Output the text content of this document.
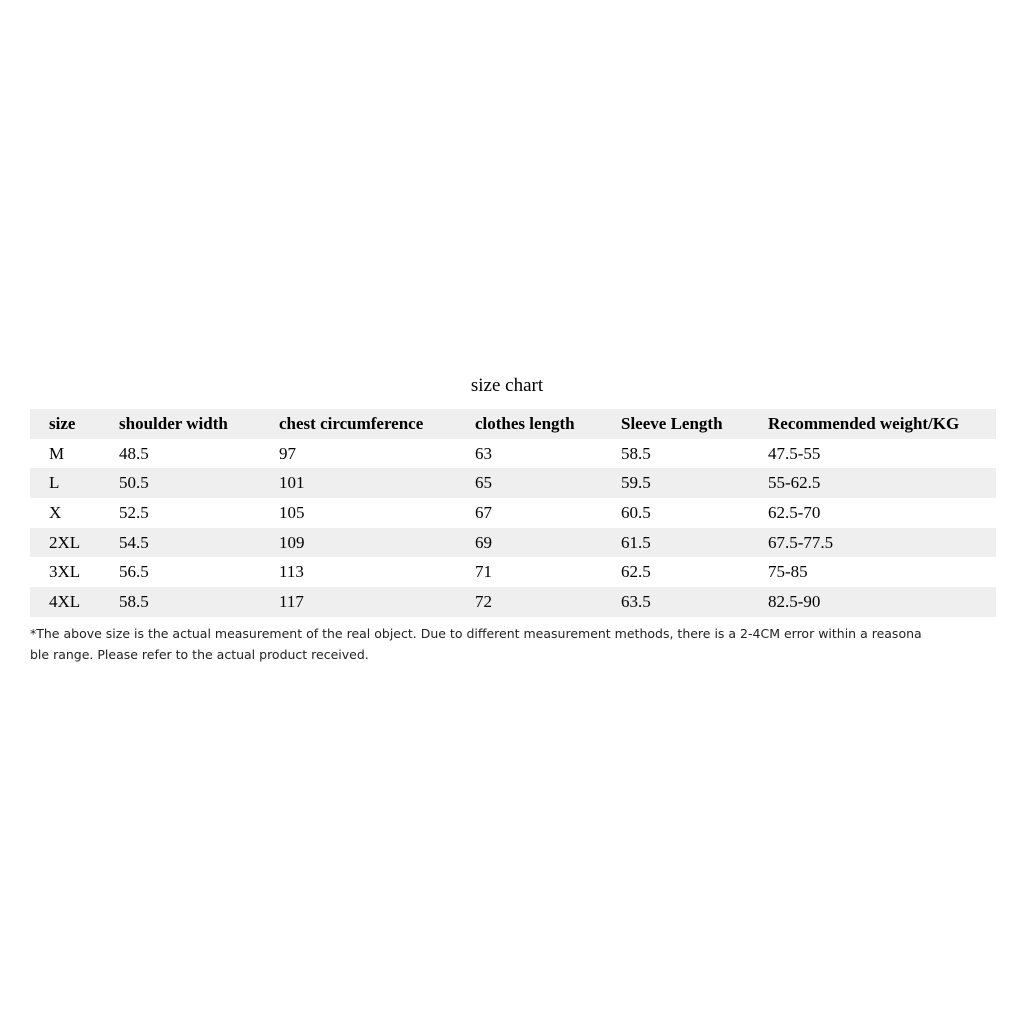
size chart
size	shoulder width	chest circumference	clothes length	Sleeve Length	Recommended weight/KG
M	48.5	97	63	58.5	47.5-55
L	50.5	101	65	59.5	55-62.5
X	52.5	105	67	60.5	62.5-70
2XL	54.5	109	69	61.5	67.5-77.5
3XL	56.5	113	71	62.5	75-85
4XL	58.5	117	72	63.5	82.5-90
*The above size is the actual measurement of the real object. Due to different measurement methods, there is a 2-4CM error within a reasona
ble range. Please refer to the actual product received.
